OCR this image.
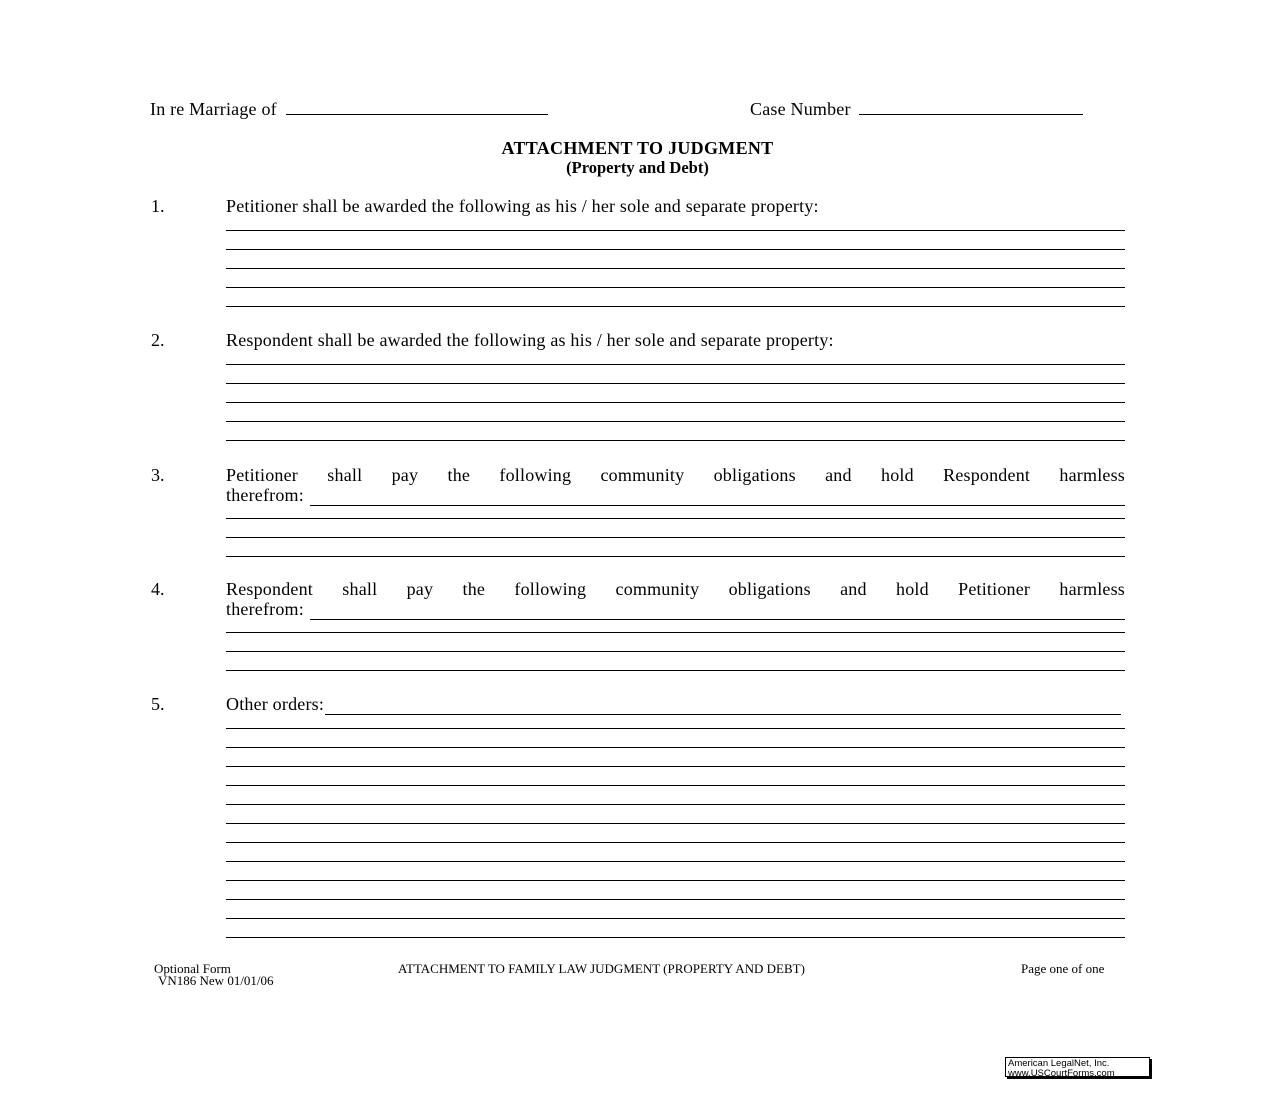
In re Marriage of	Case Number
ATTACHMENT TO JUDGMENT
(Property and Debt)
1.	Petitioner shall be awarded the following as his / her sole and separate property:
2.	Respondent shall be awarded the following as his / her sole and separate property:
3.	Petitioner shall pay the following community obligations and hold Respondent harmless
therefrom:
4.	Respondent shall pay the following community obligations and hold Petitioner harmless
therefrom:
5.	Other orders:
Optional Form
VN186 New 01/01/06
ATTACHMENT TO FAMILY LAW JUDGMENT (PROPERTY AND DEBT)	Page one of one
American LegalNet, Inc.
www.USCourtForms.com
